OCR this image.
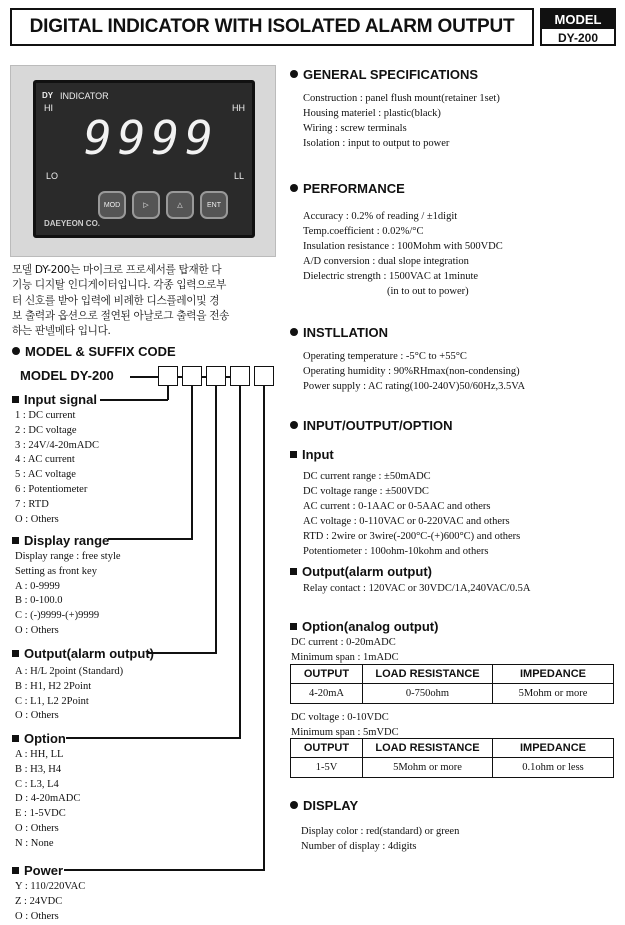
DIGITAL INDICATOR WITH ISOLATED ALARM OUTPUT	MODEL
DY-200
DY INDICATOR
HI	HH
LO	LL
9999
MOD	▷	△	ENT
DAEYEON CO.
모델 DY-200는 마이크로 프로세서를 탑재한 다
기능 디지탈 인디게이터입니다. 각종 입력으로부
터 신호를 받아 입력에 비례한 디스플레이및 경
보 출력과 옵션으로 절연된 아날로그 출력을 전송
하는 판넬메타 입니다.
MODEL & SUFFIX CODE
MODEL DY-200
Input signal
1 : DC current
2 : DC voltage
3 : 24V/4-20mADC
4 : AC current
5 : AC voltage
6 : Potentiometer
7 : RTD
O : Others
Display range
Display range : free style
Setting as front key
A : 0-9999
B : 0-100.0
C : (-)9999-(+)9999
O : Others
Output(alarm output)
A : H/L 2point (Standard)
B : H1, H2 2Point
C : L1, L2 2Point
O : Others
Option
A : HH, LL
B : H3, H4
C : L3, L4
D : 4-20mADC
E : 1-5VDC
O : Others
N : None
Power
Y : 110/220VAC
Z : 24VDC
O : Others
GENERAL SPECIFICATIONS
Construction : panel flush mount(retainer 1set)
Housing materiel : plastic(black)
Wiring : screw terminals
Isolation : input to output to power
PERFORMANCE
Accuracy : 0.2% of reading / ±1digit
Temp.coefficient : 0.02%/°C
Insulation resistance : 100Mohm with 500VDC
A/D conversion : dual slope integration
Dielectric strength : 1500VAC at 1minute
(in to out to power)
INSTLLATION
Operating temperature : -5°C to +55°C
Operating humidity : 90%RHmax(non-condensing)
Power supply : AC rating(100-240V)50/60Hz,3.5VA
INPUT/OUTPUT/OPTION
Input
DC current range : ±50mADC
DC voltage range : ±500VDC
AC current : 0-1AAC or 0-5AAC and others
AC voltage : 0-110VAC or 0-220VAC and others
RTD : 2wire or 3wire(-200°C-(+)600°C) and others
Potentiometer : 100ohm-10kohm and others
Output(alarm output)
Relay contact : 120VAC or 30VDC/1A,240VAC/0.5A
Option(analog output)
DC current : 0-20mADC
Minimum span : 1mADC
OUTPUT	LOAD RESISTANCE	IMPEDANCE
4-20mA	0-750ohm	5Mohm or more
DC voltage : 0-10VDC
Minimum span : 5mVDC
OUTPUT	LOAD RESISTANCE	IMPEDANCE
1-5V	5Mohm or more	0.1ohm or less
DISPLAY
Display color : red(standard) or green
Number of display : 4digits
